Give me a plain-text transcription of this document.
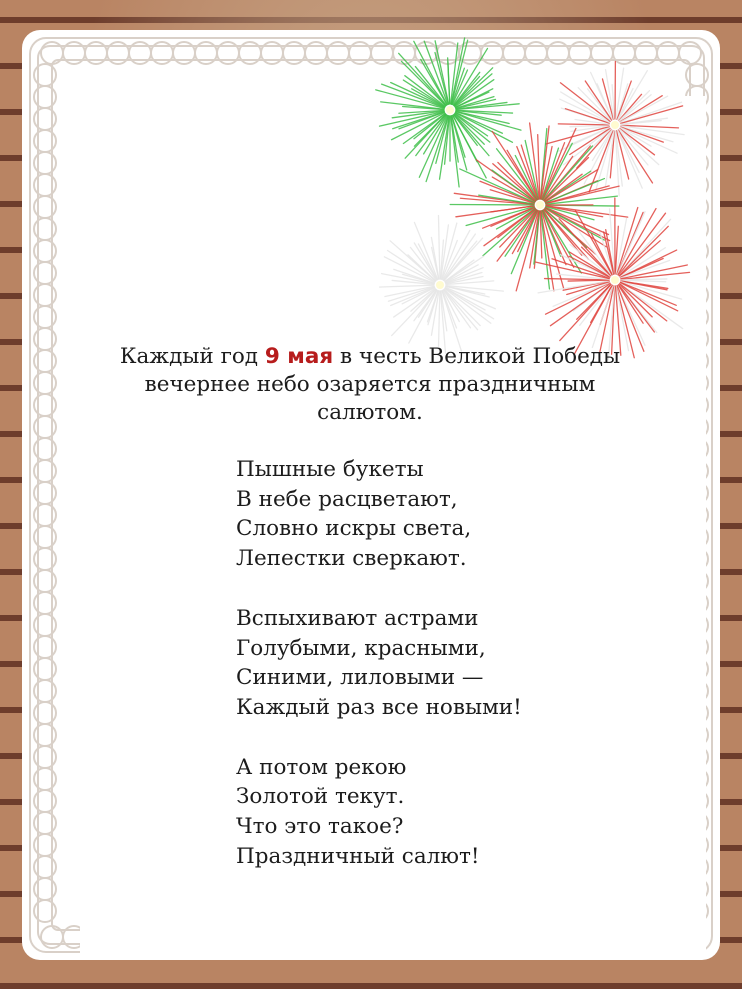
Каждый год 9 мая в честь Великой Победы вечернее небо озаряется праздничным салютом.

Пышные букеты
В небе расцветают,
Словно искры света,
Лепестки сверкают.
Вспыхивают астрами
Голубыми, красными,
Синими, лиловыми —
Каждый раз все новыми!
А потом рекою
Золотой текут.
Что это такое?
Праздничный салют!
